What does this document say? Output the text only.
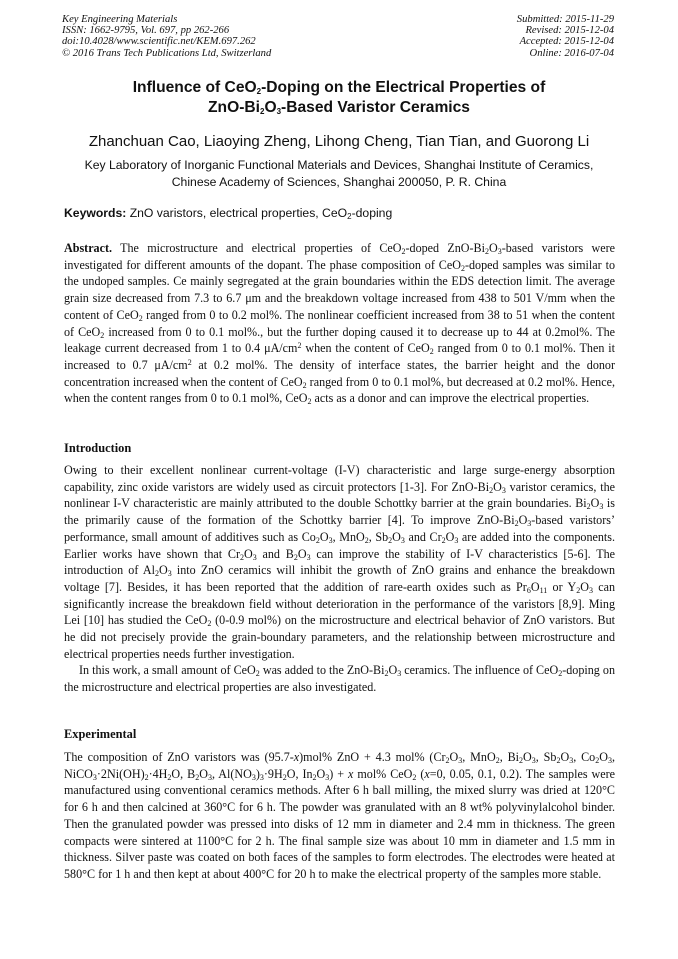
Key Engineering Materials
ISSN: 1662-9795, Vol. 697, pp 262-266
doi:10.4028/www.scientific.net/KEM.697.262
© 2016 Trans Tech Publications Ltd, Switzerland
Submitted: 2015-11-29
Revised: 2015-12-04
Accepted: 2015-12-04
Online: 2016-07-04
Influence of CeO$_2$-Doping on the Electrical Properties of
ZnO-$Bi_2O_3$-Based Varistor Ceramics
Zhanchuan Cao, Liaoying Zheng, Lihong Cheng, Tian Tian, and Guorong Li
Key Laboratory of Inorganic Functional Materials and Devices, Shanghai Institute of Ceramics,
Chinese Academy of Sciences, Shanghai 200050, P. R. China
Keywords: ZnO varistors, electrical properties, CeO$_2$-doping

Abstract. The microstructure and electrical properties of CeO$_2$-doped ZnO-$Bi_2O_3$-based varistors were investigated for different amounts of the dopant. The phase composition of CeO$_2$-doped samples was similar to the undoped samples. Ce mainly segregated at the grain boundaries within the EDS detection limit. The average grain size decreased from 7.3 to 6.7 μm and the breakdown voltage increased from 438 to 501 V/mm when the content of CeO$_2$ ranged from 0 to 0.2 mol%. The nonlinear coefficient increased from 38 to 51 when the content of CeO$_2$ increased from 0 to 0.1 mol%., but the further doping caused it to decrease up to 44 at 0.2mol%. The leakage current decreased from 1 to 0.4 $\mu A/cm^2$ when the content of CeO$_2$ ranged from 0 to 0.1 mol%. Then it increased to 0.7 $\mu A/cm^2$ at 0.2 mol%. The density of interface states, the barrier height and the donor concentration increased when the content of CeO$_2$ ranged from 0 to 0.1 mol%, but decreased at 0.2 mol%. Hence, when the content ranges from 0 to 0.1 mol%, CeO$_2$ acts as a donor and can improve the electrical properties.

Introduction

Owing to their excellent nonlinear current-voltage (I-V) characteristic and large surge-energy absorption capability, zinc oxide varistors are widely used as circuit protectors [1-3]. For ZnO-$Bi_2O_3$ varistor ceramics, the nonlinear I-V characteristic are mainly attributed to the double Schottky barrier at the grain boundaries. $Bi_2O_3$ is the primarily cause of the formation of the Schottky barrier [4]. To improve ZnO-$Bi_2O_3$-based varistors’ performance, small amount of additives such as $Co_2O_3$, MnO$_2$, $Sb_2O_3$ and $Cr_2O_3$ are added into the components. Earlier works have shown that $Cr_2O_3$ and $B_2O_3$ can improve the stability of I-V characteristics [5-6]. The introduction of $Al_2O_3$ into ZnO ceramics will inhibit the growth of ZnO grains and enhance the breakdown voltage [7]. Besides, it has been reported that the addition of rare-earth oxides such as $Pr_6O_{11}$ or $Y_2O_3$ can significantly increase the breakdown field without deterioration in the performance of the varistors [8,9]. Ming Lei [10] has studied the CeO$_2$ (0-0.9 mol%) on the microstructure and electrical behavior of ZnO varistors. But he did not precisely provide the grain-boundary parameters, and the relationship between microstructure and electrical properties needs further investigation.

In this work, a small amount of CeO$_2$ was added to the ZnO-$Bi_2O_3$ ceramics. The influence of CeO$_2$-doping on the microstructure and electrical properties are also investigated.

Experimental

The composition of ZnO varistors was (95.7-x)mol% ZnO + 4.3 mol% ($Cr_2O_3$, MnO$_2$, $Bi_2O_3$, $Sb_2O_3$, $Co_2O_3$, $NiCO_3\cdot 2Ni(OH)_2\cdot 4H_2O$, $B_2O_3$, $Al(NO_3)_3\cdot 9H_2O$, $In_2O_3) + x$ mol% CeO$_2$ (x=0, 0.05, 0.1, 0.2). The samples were manufactured using conventional ceramics methods. After 6 h ball milling, the mixed slurry was dried at 120°C for 6 h and then calcined at 360°C for 6 h. The powder was granulated with an 8 wt% polyvinylalcohol binder. Then the granulated powder was pressed into disks of 12 mm in diameter and 2.4 mm in thickness. The green compacts were sintered at 1100°C for 2 h. The final sample size was about 10 mm in diameter and 1.5 mm in thickness. Silver paste was coated on both faces of the samples to form electrodes. The electrodes were heated at 580°C for 1 h and then kept at about 400°C for 20 h to make the electrical property of the samples more stable.
